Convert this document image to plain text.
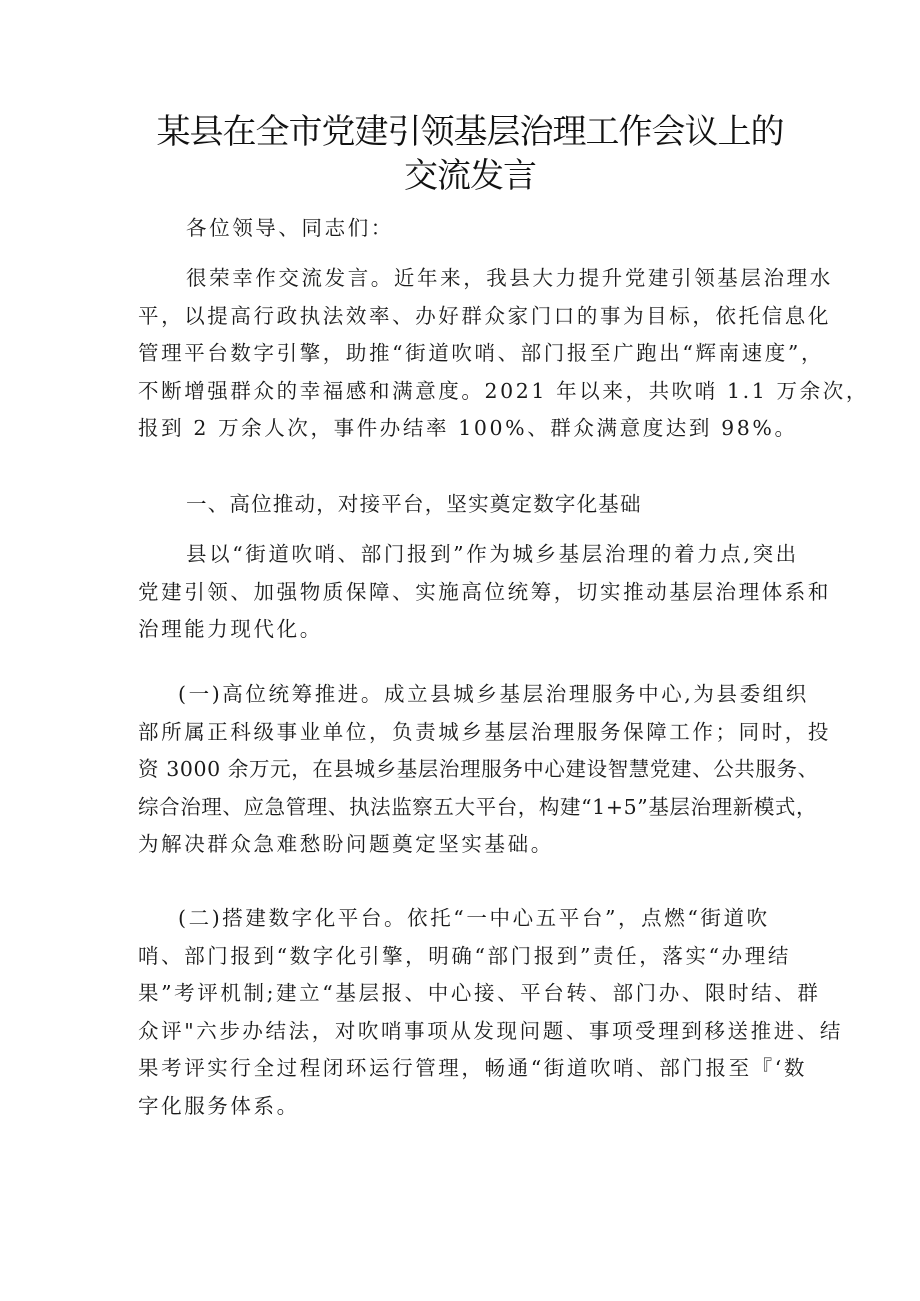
某县在全市党建引领基层治理工作会议上的
交流发言

各位领导、同志们：

很荣幸作交流发言。近年来，我县大力提升党建引领基层治理水
平，以提高行政执法效率、办好群众家门口的事为目标，依托信息化
管理平台数字引擎，助推“街道吹哨、部门报至广跑出“辉南速度”，
不断增强群众的幸福感和满意度。2021 年以来，共吹哨 1.1 万余次，
报到 2 万余人次，事件办结率 100%、群众满意度达到 98%。

一、高位推动，对接平台，坚实奠定数字化基础

县以“街道吹哨、部门报到”作为城乡基层治理的着力点,突出
党建引领、加强物质保障、实施高位统筹，切实推动基层治理体系和
治理能力现代化。

(一)高位统筹推进。成立县城乡基层治理服务中心,为县委组织
部所属正科级事业单位，负责城乡基层治理服务保障工作；同时，投
资 3000 余万元，在县城乡基层治理服务中心建设智慧党建、公共服务、
综合治理、应急管理、执法监察五大平台，构建“1+5”基层治理新模式，
为解决群众急难愁盼问题奠定坚实基础。

(二)搭建数字化平台。依托“一中心五平台”，点燃“街道吹
哨、部门报到“数字化引擎，明确“部门报到”责任，落实“办理结
果”考评机制;建立“基层报、中心接、平台转、部门办、限时结、群
众评"六步办结法，对吹哨事项从发现问题、事项受理到移送推进、结
果考评实行全过程闭环运行管理，畅通“街道吹哨、部门报至『‘数
字化服务体系。
